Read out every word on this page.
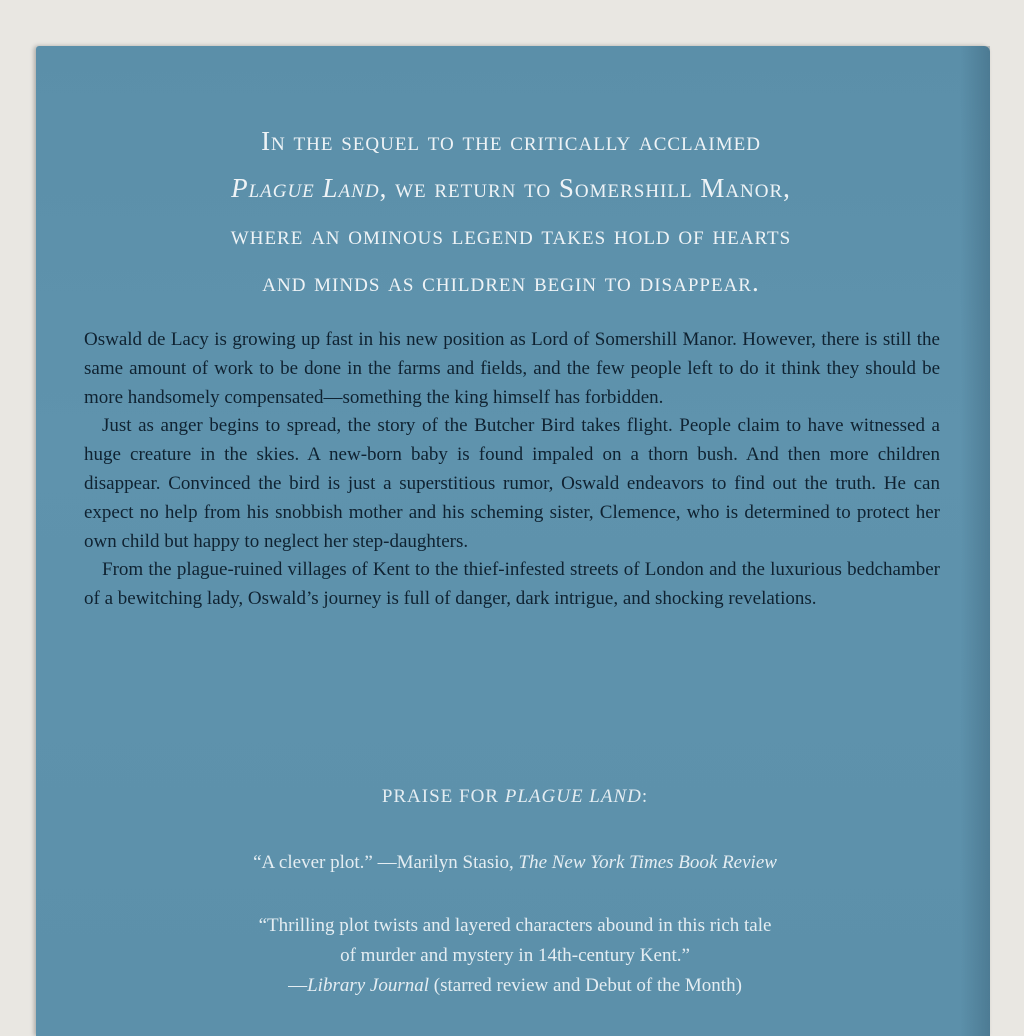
In the sequel to the critically acclaimed
Plague Land, we return to Somershill Manor,
where an ominous legend takes hold of hearts
and minds as children begin to disappear.

Oswald de Lacy is growing up fast in his new position as Lord of Somershill Manor. However, there is still the same amount of work to be done in the farms and fields, and the few people left to do it think they should be more handsomely compensated—something the king himself has forbidden.

Just as anger begins to spread, the story of the Butcher Bird takes flight. People claim to have witnessed a huge creature in the skies. A new-born baby is found impaled on a thorn bush. And then more children disappear. Convinced the bird is just a superstitious rumor, Oswald endeavors to find out the truth. He can expect no help from his snobbish mother and his scheming sister, Clemence, who is determined to protect her own child but happy to neglect her step-daughters.

From the plague-ruined villages of Kent to the thief-infested streets of London and the luxurious bedchamber of a bewitching lady, Oswald’s journey is full of danger, dark intrigue, and shocking revelations.

PRAISE FOR PLAGUE LAND:
“A clever plot.” —Marilyn Stasio, The New York Times Book Review
“Thrilling plot twists and layered characters abound in this rich tale
of murder and mystery in 14th-century Kent.”
—Library Journal (starred review and Debut of the Month)
